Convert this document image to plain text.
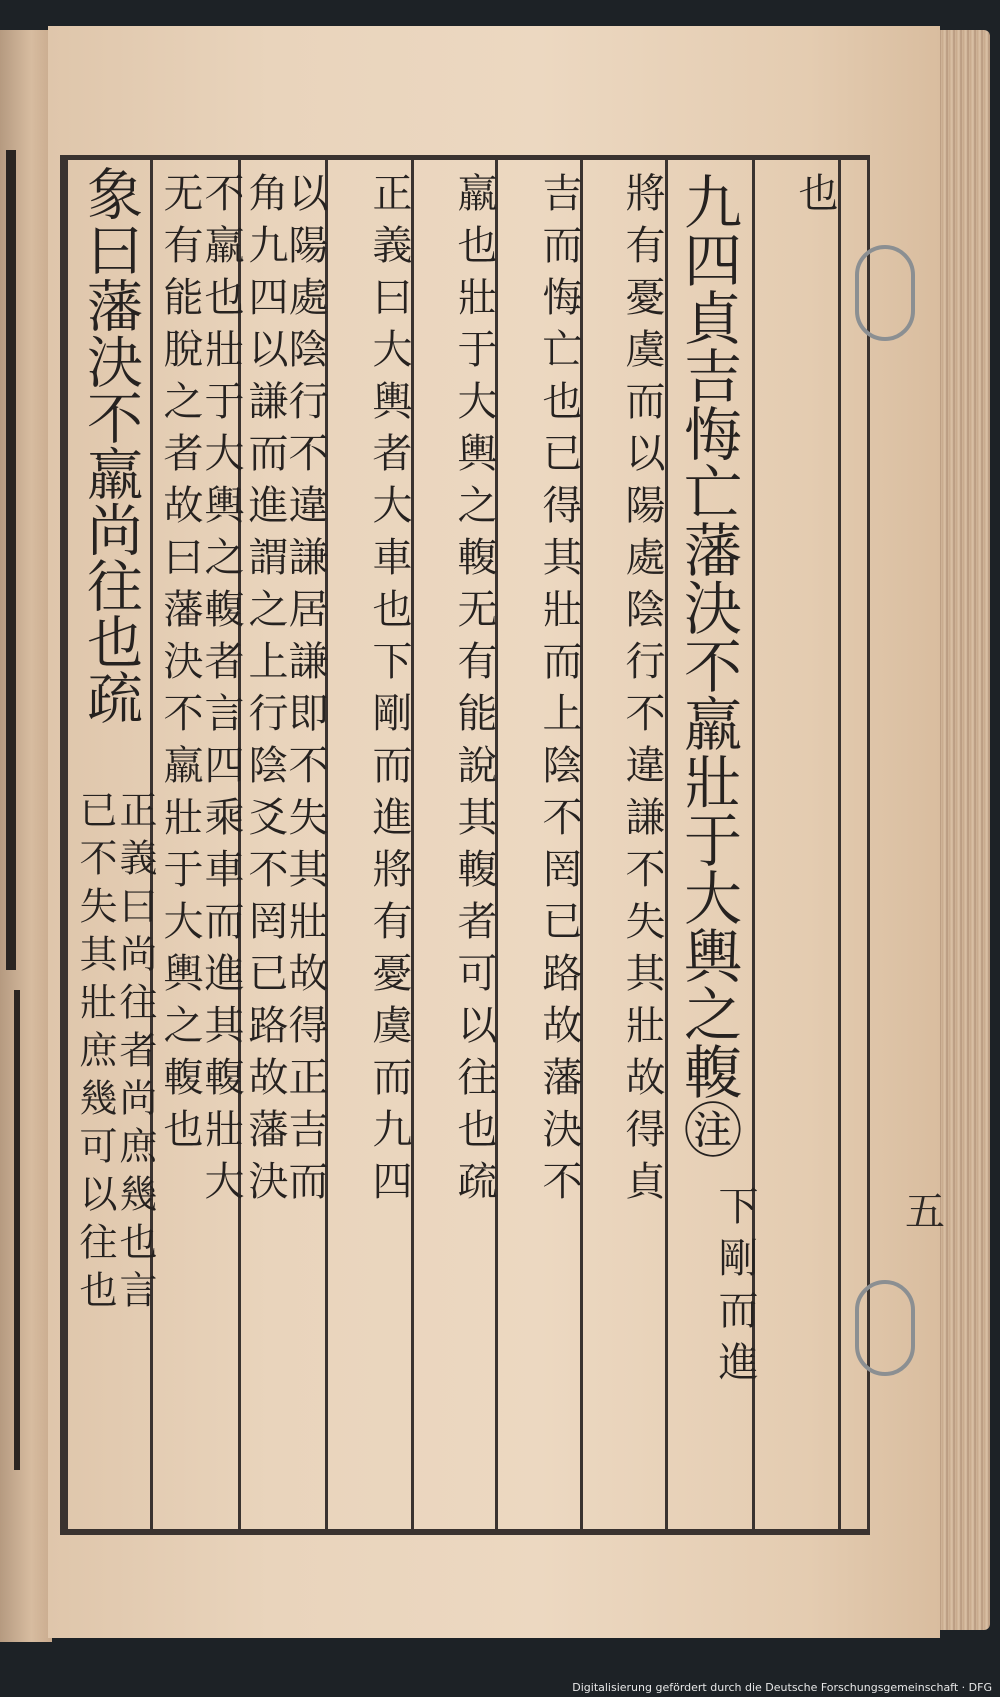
也
九四貞吉悔亡藩決不羸壯于大輿之輹㊟
將有憂虞而以陽處陰行不違謙不失其壯故得貞
吉而悔亡也已得其壯而上陰不罔已路故藩決不
羸也壯于大輿之輹无有能說其輹者可以往也疏
正義曰大輿者大車也下剛而進將有憂虞而九四
以陽處陰行不違謙居謙即不失其壯故得正吉而
角九四以謙而進謂之上行陰爻不罔已路故藩決
不羸也壯于大輿之輹者言四乘車而進其輹壯大
无有能脫之者故曰藩決不羸壯于大輿之輹也
象曰藩決不羸尚往也疏
正義曰尚往者尚庶幾也言
已不失其壯庶幾可以往也	下剛而進	五
Digitalisierung gefördert durch die Deutsche Forschungsgemeinschaft · DFG
